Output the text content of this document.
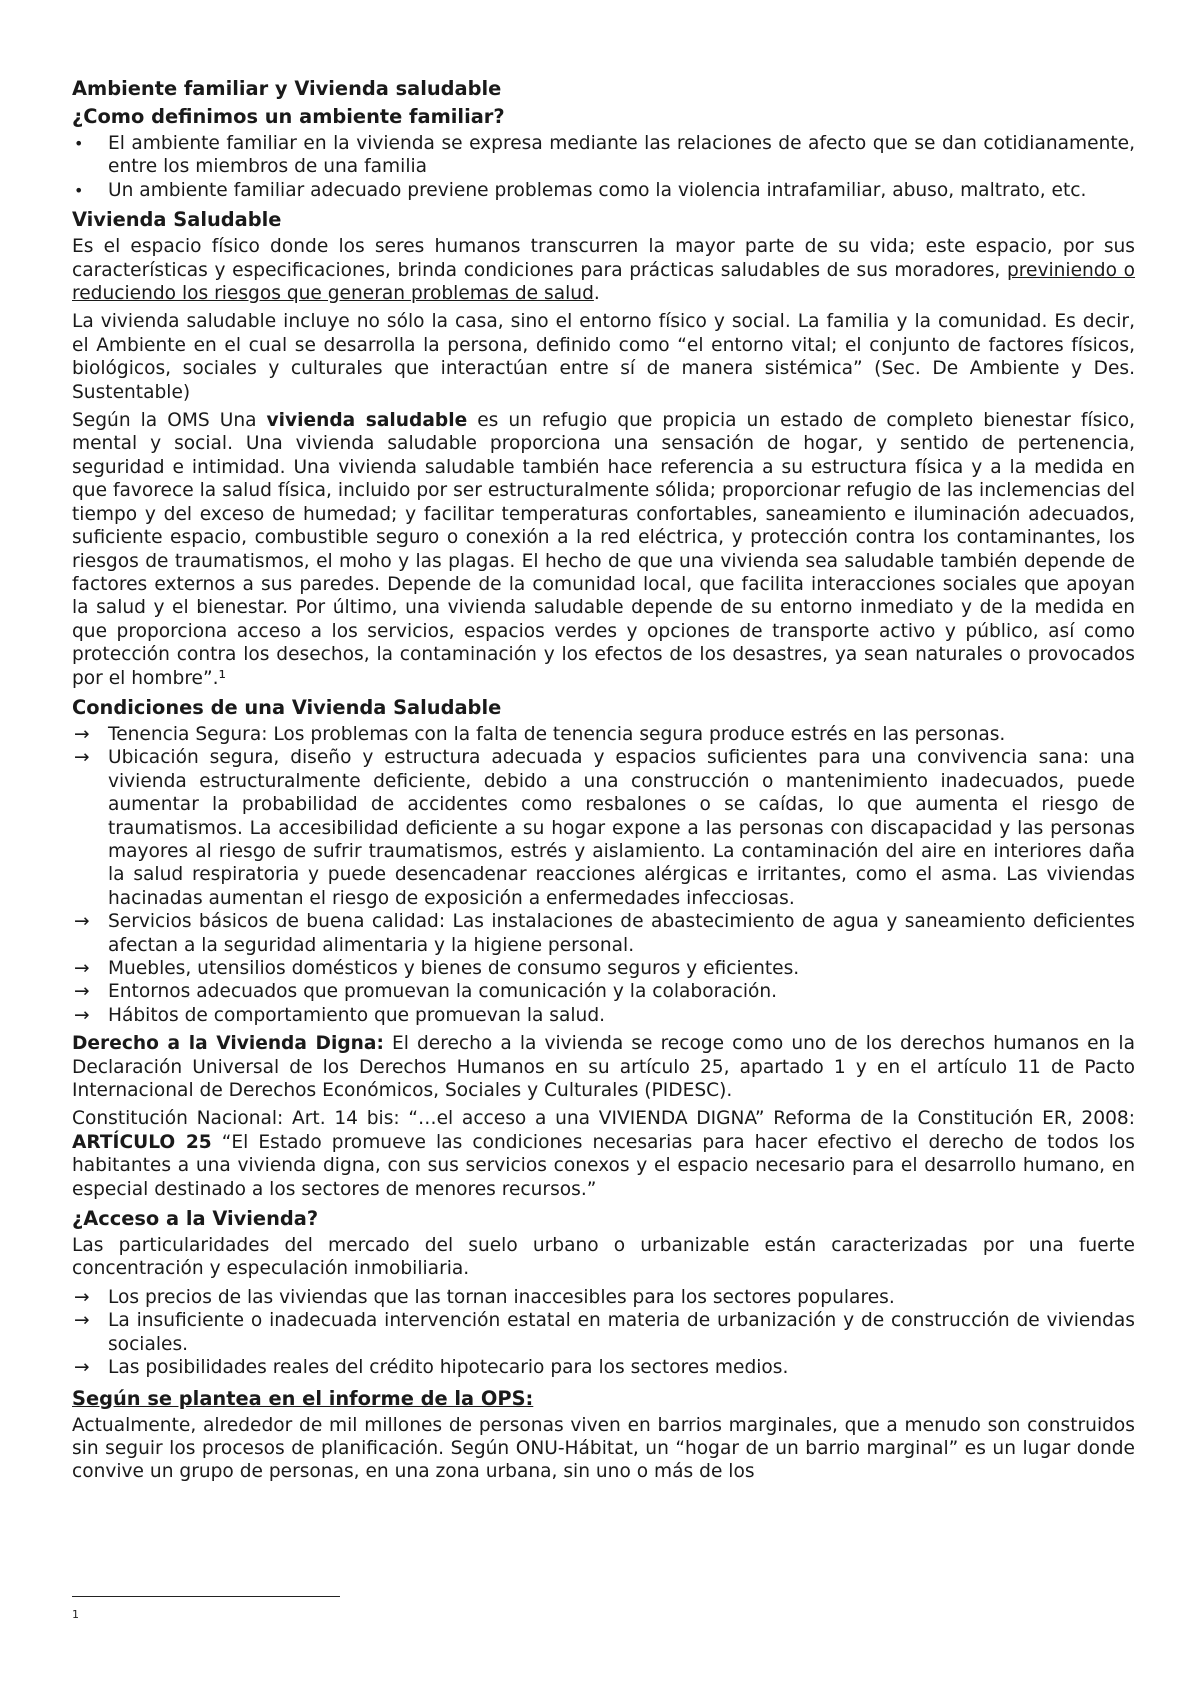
Ambiente familiar y Vivienda saludable
¿Como definimos un ambiente familiar?
•	El ambiente familiar en la vivienda se expresa mediante las relaciones de afecto que se dan cotidianamente, entre los miembros de una familia
•	Un ambiente familiar adecuado previene problemas como la violencia intrafamiliar, abuso, maltrato, etc.
Vivienda Saludable

Es el espacio físico donde los seres humanos transcurren la mayor parte de su vida; este espacio, por sus características y especificaciones, brinda condiciones para prácticas saludables de sus moradores, previniendo o reduciendo los riesgos que generan problemas de salud.

La vivienda saludable incluye no sólo la casa, sino el entorno físico y social. La familia y la comunidad. Es decir, el Ambiente en el cual se desarrolla la persona, definido como “el entorno vital; el conjunto de factores físicos, biológicos, sociales y culturales que interactúan entre sí de manera sistémica” (Sec. De Ambiente y Des. Sustentable)

Según la OMS Una vivienda saludable es un refugio que propicia un estado de completo bienestar físico, mental y social. Una vivienda saludable proporciona una sensación de hogar, y sentido de pertenencia, seguridad e intimidad. Una vivienda saludable también hace referencia a su estructura física y a la medida en que favorece la salud física, incluido por ser estructuralmente sólida; proporcionar refugio de las inclemencias del tiempo y del exceso de humedad; y facilitar temperaturas confortables, saneamiento e iluminación adecuados, suficiente espacio, combustible seguro o conexión a la red eléctrica, y protección contra los contaminantes, los riesgos de traumatismos, el moho y las plagas. El hecho de que una vivienda sea saludable también depende de factores externos a sus paredes. Depende de la comunidad local, que facilita interacciones sociales que apoyan la salud y el bienestar. Por último, una vivienda saludable depende de su entorno inmediato y de la medida en que proporciona acceso a los servicios, espacios verdes y opciones de transporte activo y público, así como protección contra los desechos, la contaminación y los efectos de los desastres, ya sean naturales o provocados por el hombre”.¹

Condiciones de una Vivienda Saludable
→ Tenencia Segura: Los problemas con la falta de tenencia segura produce estrés en las personas.
→ Ubicación segura, diseño y estructura adecuada y espacios suficientes para una convivencia sana: una vivienda estructuralmente deficiente, debido a una construcción o mantenimiento inadecuados, puede aumentar la probabilidad de accidentes como resbalones o se caídas, lo que aumenta el riesgo de traumatismos. La accesibilidad deficiente a su hogar expone a las personas con discapacidad y las personas mayores al riesgo de sufrir traumatismos, estrés y aislamiento. La contaminación del aire en interiores daña la salud respiratoria y puede desencadenar reacciones alérgicas e irritantes, como el asma. Las viviendas hacinadas aumentan el riesgo de exposición a enfermedades infecciosas.
→ Servicios básicos de buena calidad: Las instalaciones de abastecimiento de agua y saneamiento deficientes afectan a la seguridad alimentaria y la higiene personal.
→ Muebles, utensilios domésticos y bienes de consumo seguros y eficientes.
→ Entornos adecuados que promuevan la comunicación y la colaboración.
→ Hábitos de comportamiento que promuevan la salud.

Derecho a la Vivienda Digna: El derecho a la vivienda se recoge como uno de los derechos humanos en la Declaración Universal de los Derechos Humanos en su artículo 25, apartado 1 y en el artículo 11 de Pacto Internacional de Derechos Económicos, Sociales y Culturales (PIDESC).

Constitución Nacional: Art. 14 bis: “…el acceso a una VIVIENDA DIGNA” Reforma de la Constitución ER, 2008: ARTÍCULO 25 “El Estado promueve las condiciones necesarias para hacer efectivo el derecho de todos los habitantes a una vivienda digna, con sus servicios conexos y el espacio necesario para el desarrollo humano, en especial destinado a los sectores de menores recursos.”

¿Acceso a la Vivienda?

Las particularidades del mercado del suelo urbano o urbanizable están caracterizadas por una fuerte concentración y especulación inmobiliaria.

→ Los precios de las viviendas que las tornan inaccesibles para los sectores populares.
→ La insuficiente o inadecuada intervención estatal en materia de urbanización y de construcción de viviendas sociales.
→ Las posibilidades reales del crédito hipotecario para los sectores medios.
Según se plantea en el informe de la OPS:

Actualmente, alrededor de mil millones de personas viven en barrios marginales, que a menudo son construidos sin seguir los procesos de planificación. Según ONU-Hábitat, un “hogar de un barrio marginal” es un lugar donde convive un grupo de personas, en una zona urbana, sin uno o más de los

1
